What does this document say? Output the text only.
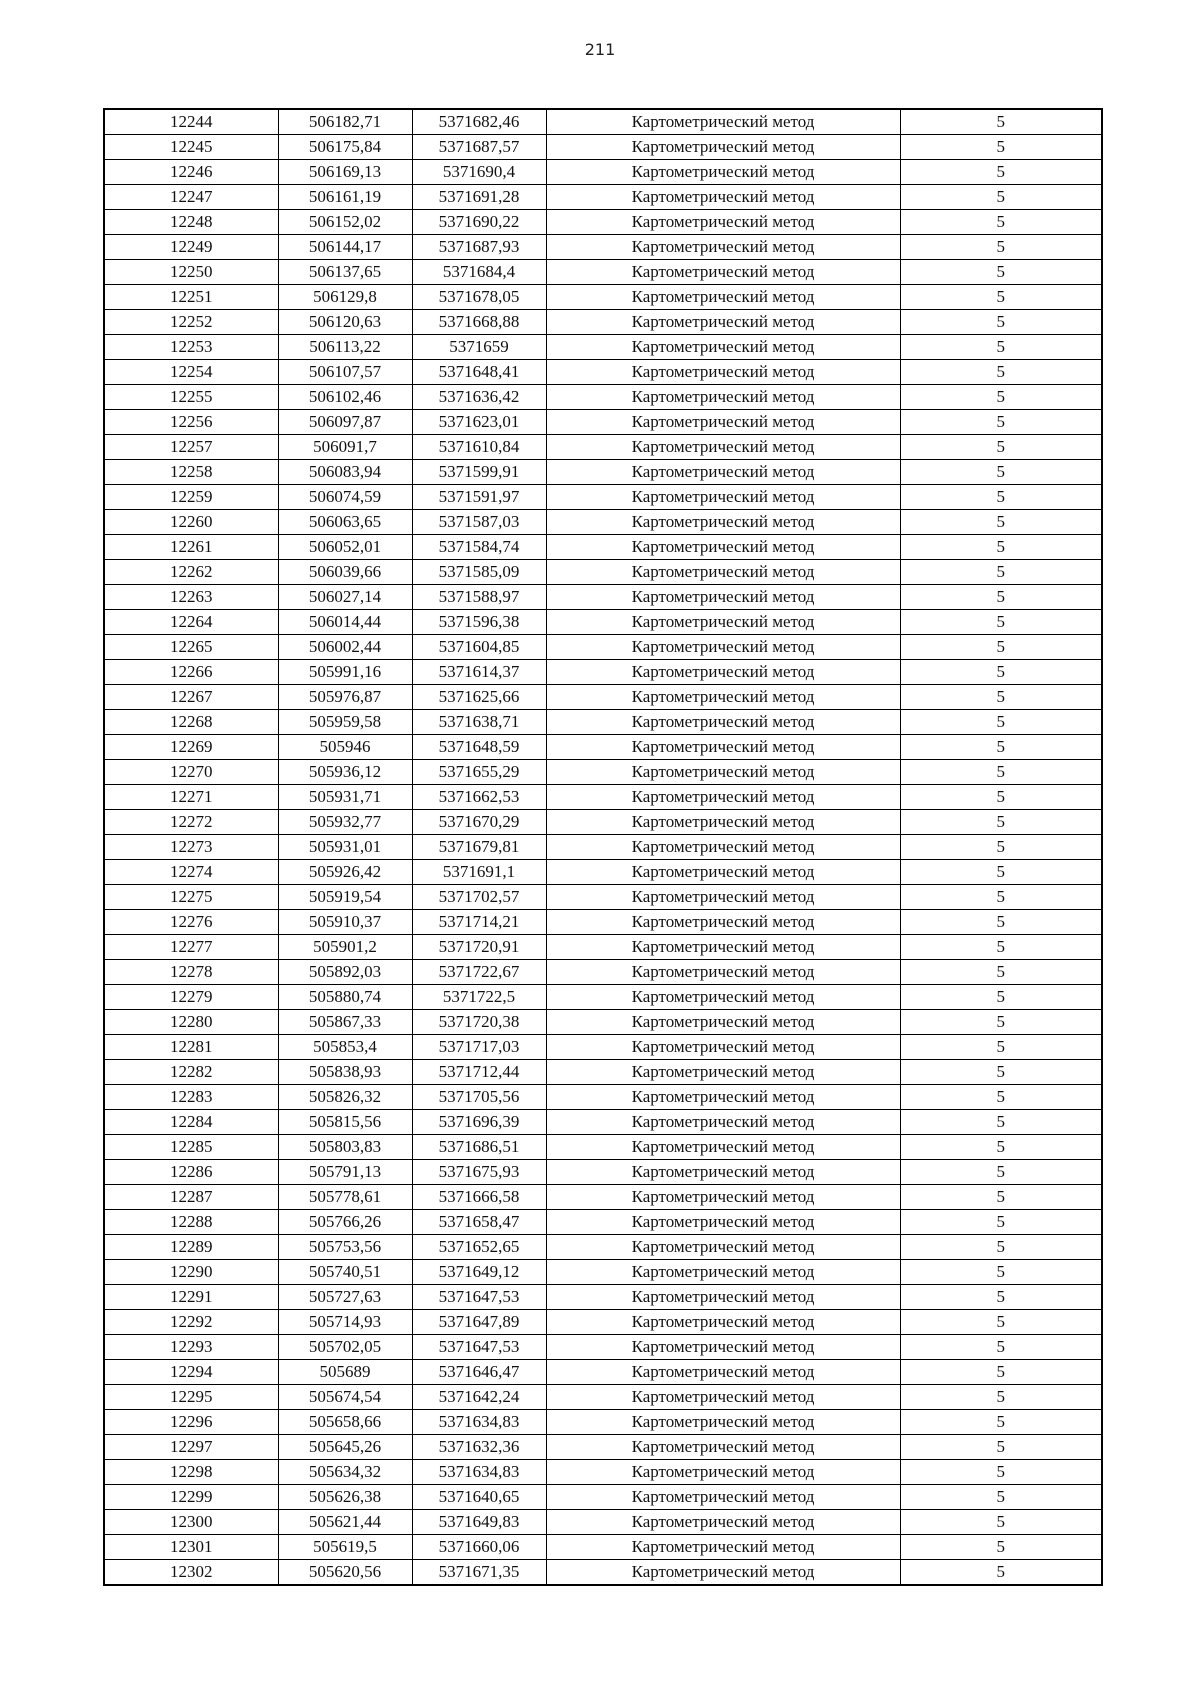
211
12244	506182,71	5371682,46	Картометрический метод	5
12245	506175,84	5371687,57	Картометрический метод	5
12246	506169,13	5371690,4	Картометрический метод	5
12247	506161,19	5371691,28	Картометрический метод	5
12248	506152,02	5371690,22	Картометрический метод	5
12249	506144,17	5371687,93	Картометрический метод	5
12250	506137,65	5371684,4	Картометрический метод	5
12251	506129,8	5371678,05	Картометрический метод	5
12252	506120,63	5371668,88	Картометрический метод	5
12253	506113,22	5371659	Картометрический метод	5
12254	506107,57	5371648,41	Картометрический метод	5
12255	506102,46	5371636,42	Картометрический метод	5
12256	506097,87	5371623,01	Картометрический метод	5
12257	506091,7	5371610,84	Картометрический метод	5
12258	506083,94	5371599,91	Картометрический метод	5
12259	506074,59	5371591,97	Картометрический метод	5
12260	506063,65	5371587,03	Картометрический метод	5
12261	506052,01	5371584,74	Картометрический метод	5
12262	506039,66	5371585,09	Картометрический метод	5
12263	506027,14	5371588,97	Картометрический метод	5
12264	506014,44	5371596,38	Картометрический метод	5
12265	506002,44	5371604,85	Картометрический метод	5
12266	505991,16	5371614,37	Картометрический метод	5
12267	505976,87	5371625,66	Картометрический метод	5
12268	505959,58	5371638,71	Картометрический метод	5
12269	505946	5371648,59	Картометрический метод	5
12270	505936,12	5371655,29	Картометрический метод	5
12271	505931,71	5371662,53	Картометрический метод	5
12272	505932,77	5371670,29	Картометрический метод	5
12273	505931,01	5371679,81	Картометрический метод	5
12274	505926,42	5371691,1	Картометрический метод	5
12275	505919,54	5371702,57	Картометрический метод	5
12276	505910,37	5371714,21	Картометрический метод	5
12277	505901,2	5371720,91	Картометрический метод	5
12278	505892,03	5371722,67	Картометрический метод	5
12279	505880,74	5371722,5	Картометрический метод	5
12280	505867,33	5371720,38	Картометрический метод	5
12281	505853,4	5371717,03	Картометрический метод	5
12282	505838,93	5371712,44	Картометрический метод	5
12283	505826,32	5371705,56	Картометрический метод	5
12284	505815,56	5371696,39	Картометрический метод	5
12285	505803,83	5371686,51	Картометрический метод	5
12286	505791,13	5371675,93	Картометрический метод	5
12287	505778,61	5371666,58	Картометрический метод	5
12288	505766,26	5371658,47	Картометрический метод	5
12289	505753,56	5371652,65	Картометрический метод	5
12290	505740,51	5371649,12	Картометрический метод	5
12291	505727,63	5371647,53	Картометрический метод	5
12292	505714,93	5371647,89	Картометрический метод	5
12293	505702,05	5371647,53	Картометрический метод	5
12294	505689	5371646,47	Картометрический метод	5
12295	505674,54	5371642,24	Картометрический метод	5
12296	505658,66	5371634,83	Картометрический метод	5
12297	505645,26	5371632,36	Картометрический метод	5
12298	505634,32	5371634,83	Картометрический метод	5
12299	505626,38	5371640,65	Картометрический метод	5
12300	505621,44	5371649,83	Картометрический метод	5
12301	505619,5	5371660,06	Картометрический метод	5
12302	505620,56	5371671,35	Картометрический метод	5
